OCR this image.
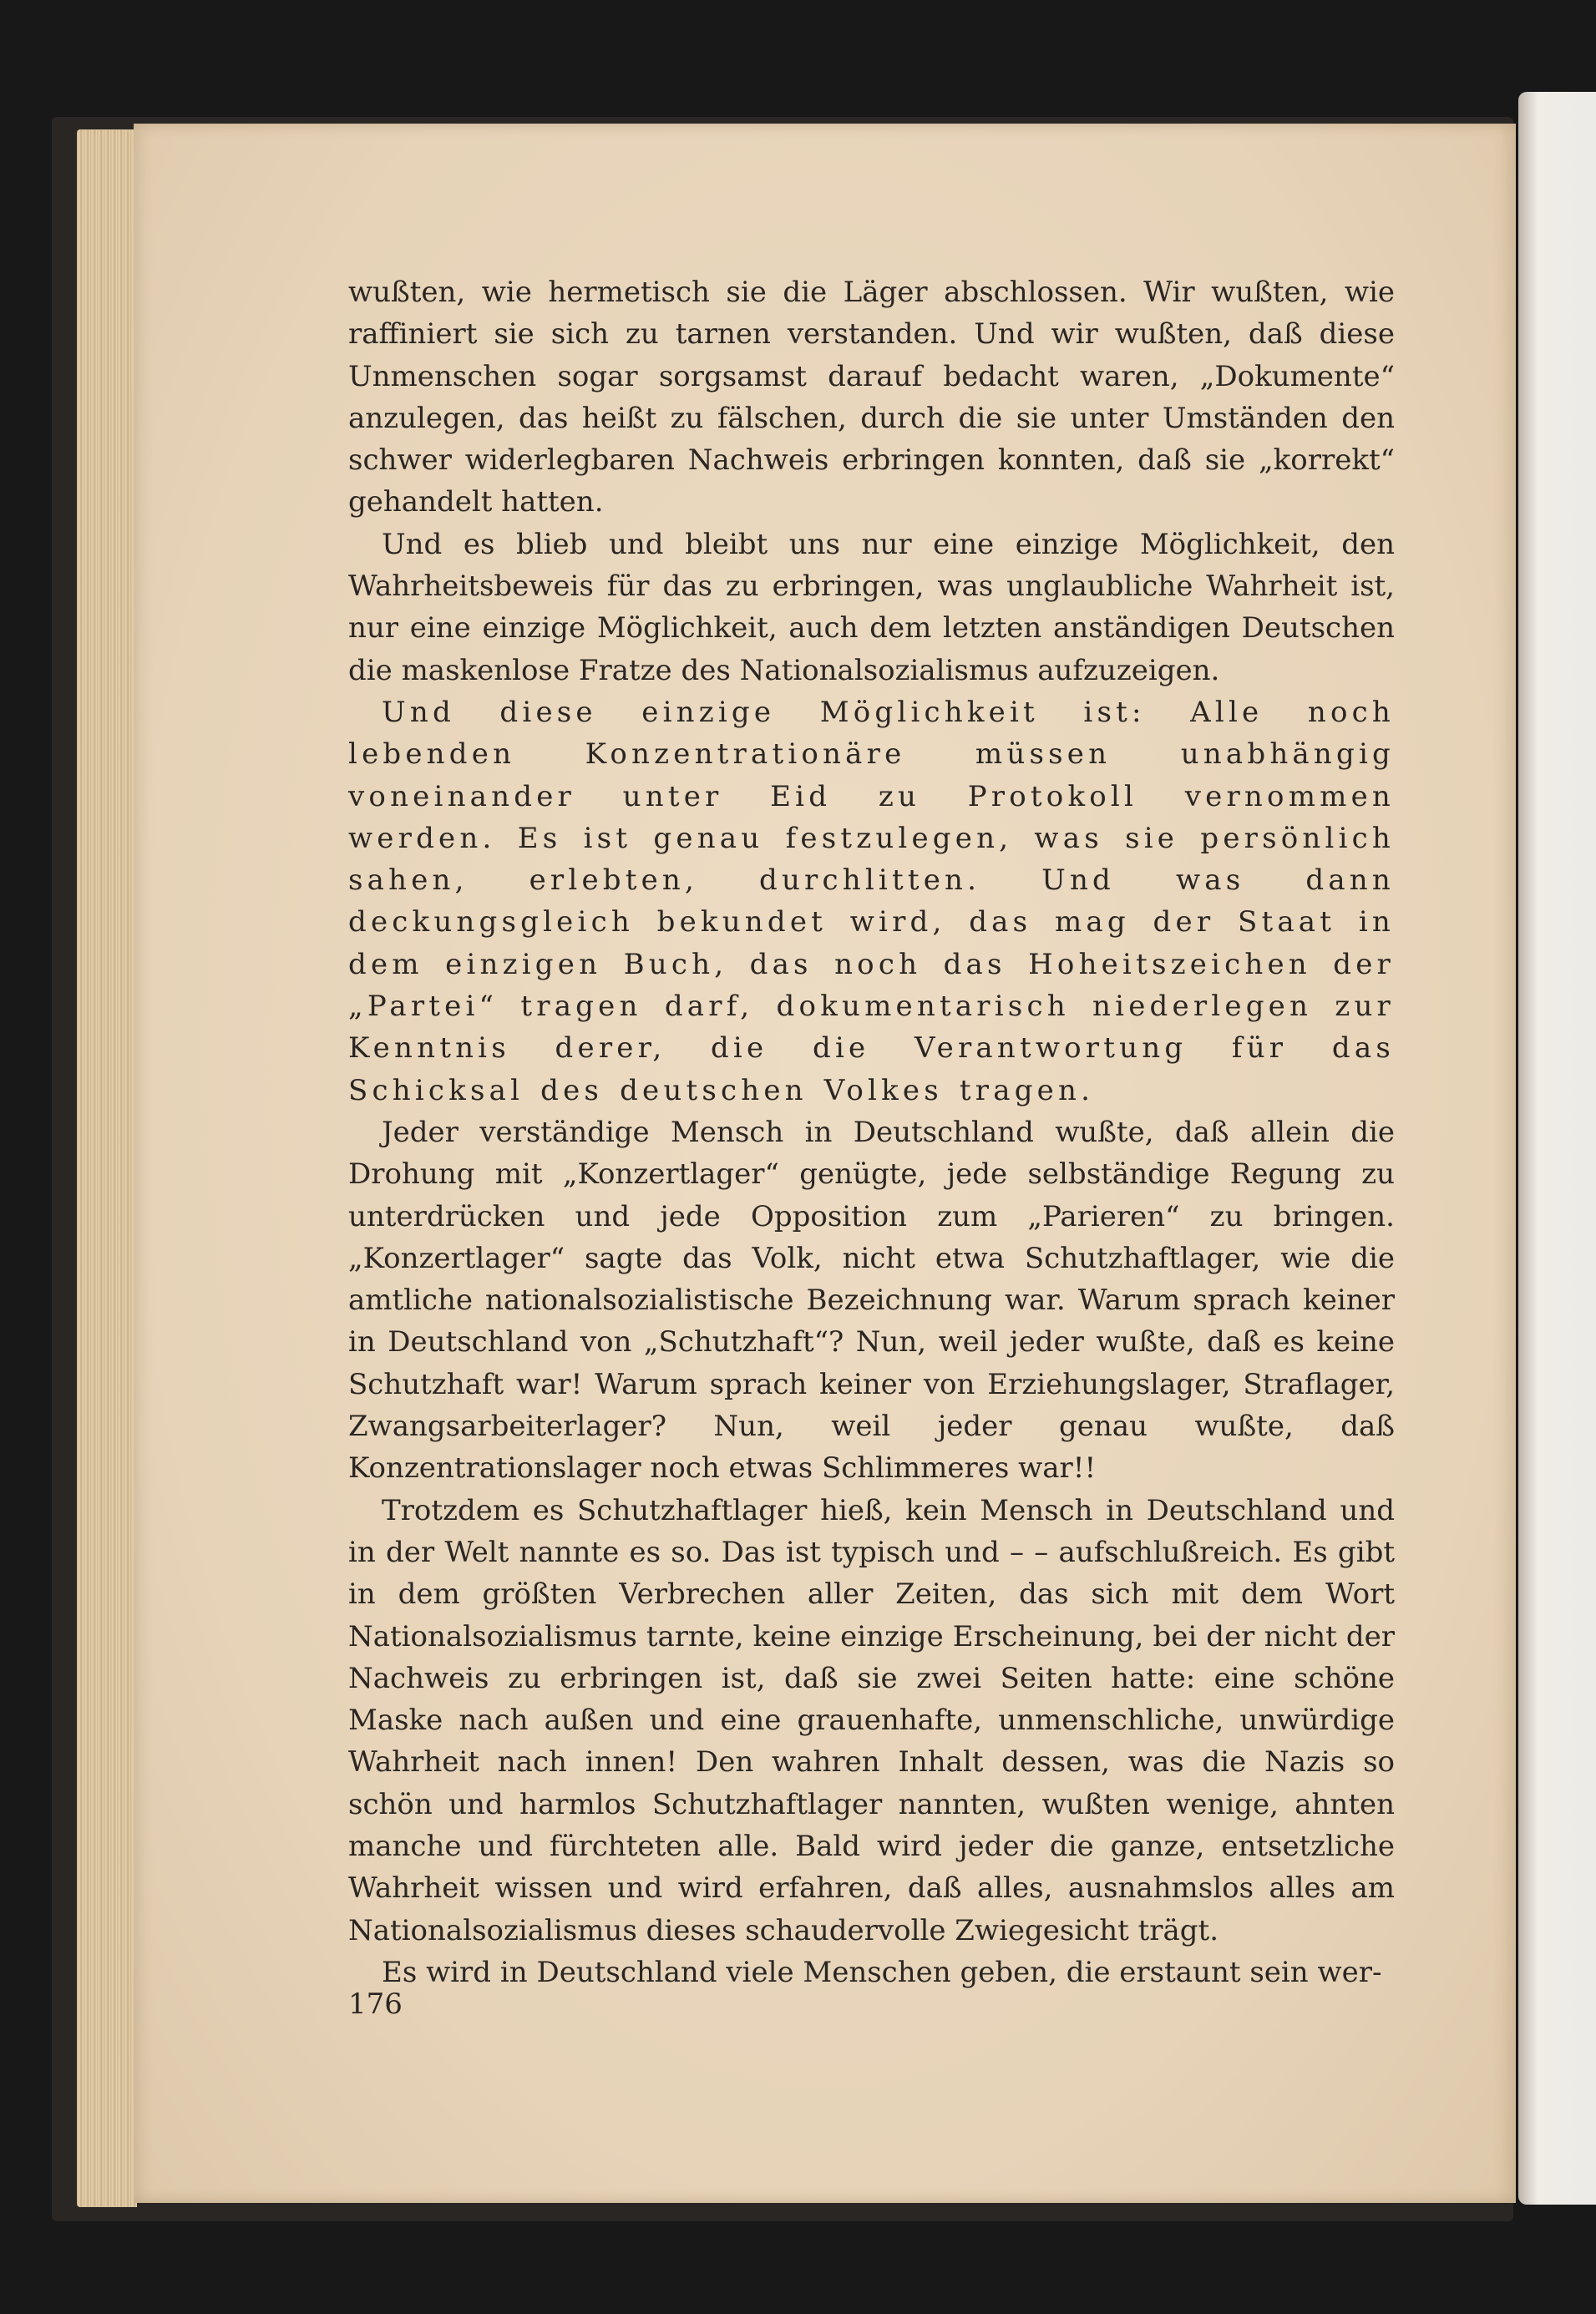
wußten, wie hermetisch sie die Läger abschlossen. Wir wußten, wie raffiniert sie sich zu tarnen verstanden. Und wir wußten, daß diese Unmenschen sogar sorgsamst darauf bedacht waren, „Dokumente“ anzulegen, das heißt zu fälschen, durch die sie unter Umständen den schwer widerlegbaren Nachweis erbringen konnten, daß sie „korrekt“ gehandelt hatten.

Und es blieb und bleibt uns nur eine einzige Möglichkeit, den Wahrheitsbeweis für das zu erbringen, was unglaubliche Wahrheit ist, nur eine einzige Möglichkeit, auch dem letzten anständigen Deutschen die maskenlose Fratze des Nationalsozialismus aufzuzeigen.

Und diese einzige Möglichkeit ist: Alle noch lebenden Konzentrationäre müssen unabhängig voneinander unter Eid zu Protokoll vernommen werden. Es ist genau festzulegen, was sie persönlich sahen, erlebten, durchlitten. Und was dann deckungsgleich bekundet wird, das mag der Staat in dem einzigen Buch, das noch das Hoheitszeichen der „Partei“ tragen darf, dokumentarisch niederlegen zur Kenntnis derer, die die Verantwortung für das Schicksal des deutschen Volkes tragen.

Jeder verständige Mensch in Deutschland wußte, daß allein die Drohung mit „Konzertlager“ genügte, jede selbständige Regung zu unterdrücken und jede Opposition zum „Parieren“ zu bringen. „Konzertlager“ sagte das Volk, nicht etwa Schutzhaftlager, wie die amtliche nationalsozialistische Bezeichnung war. Warum sprach keiner in Deutschland von „Schutzhaft“? Nun, weil jeder wußte, daß es keine Schutzhaft war! Warum sprach keiner von Erziehungslager, Straflager, Zwangsarbeiterlager? Nun, weil jeder genau wußte, daß Konzentrationslager noch etwas Schlimmeres war!!

Trotzdem es Schutzhaftlager hieß, kein Mensch in Deutschland und in der Welt nannte es so. Das ist typisch und – – aufschlußreich. Es gibt in dem größten Verbrechen aller Zeiten, das sich mit dem Wort Nationalsozialismus tarnte, keine einzige Erscheinung, bei der nicht der Nachweis zu erbringen ist, daß sie zwei Seiten hatte: eine schöne Maske nach außen und eine grauenhafte, unmenschliche, unwürdige Wahrheit nach innen! Den wahren Inhalt dessen, was die Nazis so schön und harmlos Schutzhaftlager nannten, wußten wenige, ahnten manche und fürchteten alle. Bald wird jeder die ganze, entsetzliche Wahrheit wissen und wird erfahren, daß alles, ausnahmslos alles am Nationalsozialismus dieses schaudervolle Zwiegesicht trägt.

Es wird in Deutschland viele Menschen geben, die erstaunt sein wer-

176
